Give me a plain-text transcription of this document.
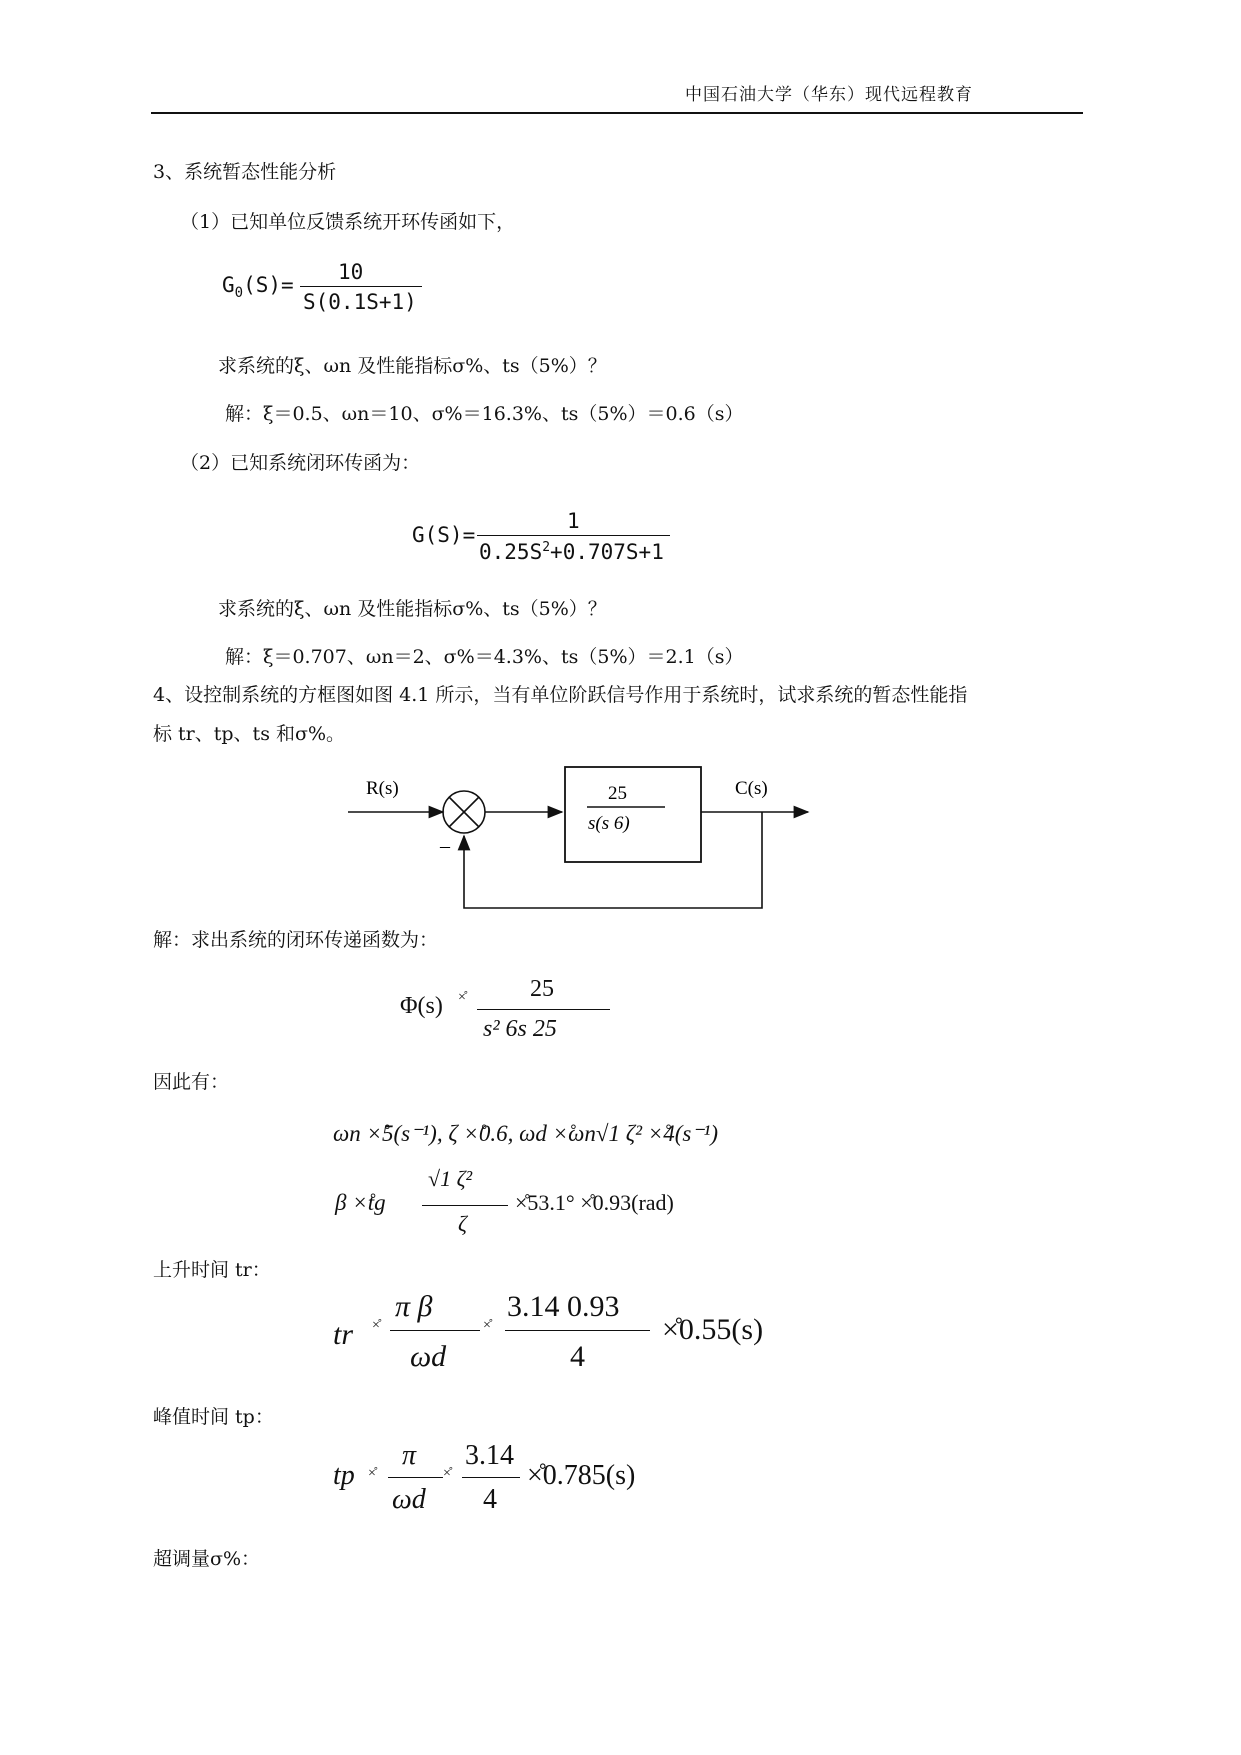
中国石油大学（华东）现代远程教育
3、系统暂态性能分析
（1）已知单位反馈系统开环传函如下，
$G_0(S)=$
10
S(0.1S+1)
求系统的ξ、ωn 及性能指标σ%、ts（5%）？
解：ξ＝0.5、ωn＝10、σ%＝16.3%、ts（5%）＝0.6（s）
（2）已知系统闭环传函为：
G(S)=
1
$0.25S^2+0.707S+1$
求系统的ξ、ωn 及性能指标σ%、ts（5%）？
解：ξ＝0.707、ωn＝2、σ%＝4.3%、ts（5%）＝2.1（s）
4、设控制系统的方框图如图 4.1 所示，当有单位阶跃信号作用于系统时，试求系统的暂态性能指
标 tr、tp、ts 和σ%。
R(s)
–
25
s(s 6)
C(s)
解：求出系统的闭环传递函数为：
Φ(s) ×̊	25
s² 6s 25
因此有：
ωn ×̊5(s⁻¹), ζ ×̊0.6, ωd ×̊ωn√1 ζ² ×̊4(s⁻¹)
β ×̊tg
√1 ζ²
ζ
×̊53.1° ×̊0.93(rad)
上升时间 tr：
tr ×̊
π β
ωd
×̊
3.14 0.93
4
×̊0.55(s)
峰值时间 tp：
tp ×̊
π
ωd
×̊
3.14
4
×̊0.785(s)
超调量σ%：
